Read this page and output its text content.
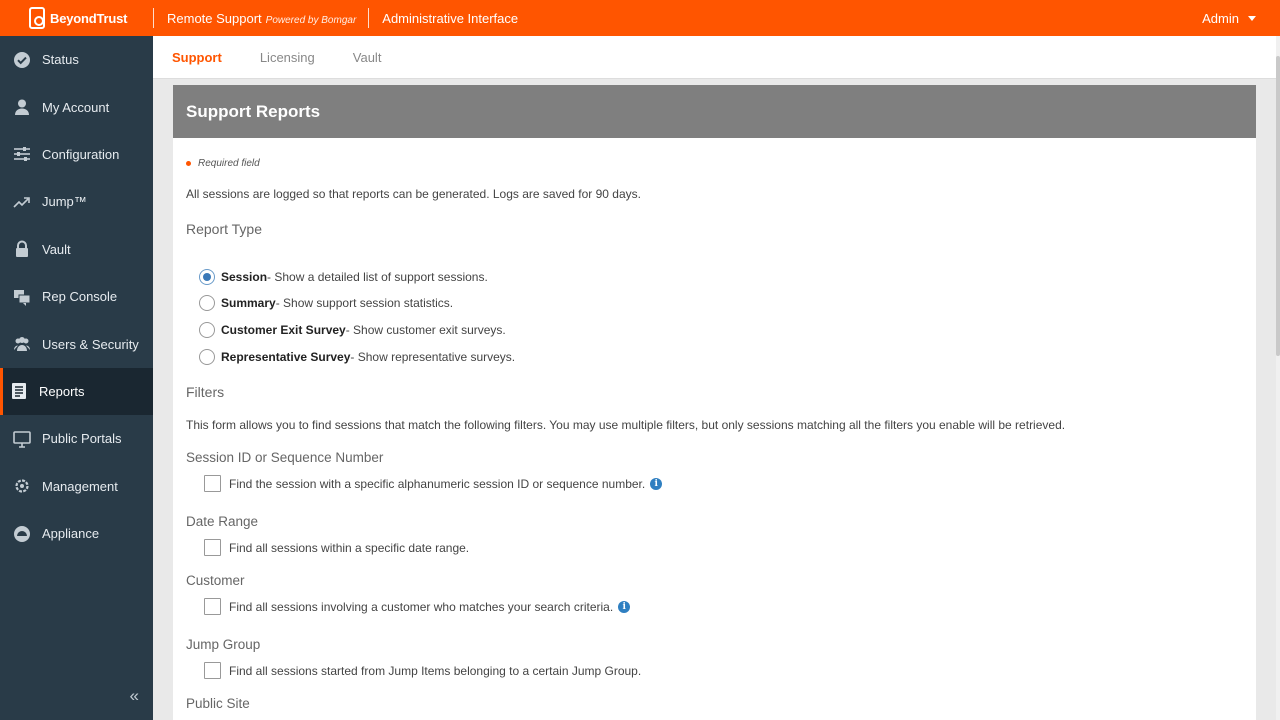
BeyondTrust	Remote Support Powered by Bomgar	Administrative Interface	Admin
Status
My Account
Configuration
Jump™
Vault
Rep Console
Users & Security
Reports
Public Portals
Management
Appliance
«
Support	Licensing	Vault
Support Reports
Required field
All sessions are logged so that reports can be generated. Logs are saved for 90 days.
Report Type
Session - Show a detailed list of support sessions.
Summary - Show support session statistics.
Customer Exit Survey - Show customer exit surveys.
Representative Survey - Show representative surveys.
Filters
This form allows you to find sessions that match the following filters. You may use multiple filters, but only sessions matching all the filters you enable will be retrieved.
Session ID or Sequence Number
Find the session with a specific alphanumeric session ID or sequence number.	i
Date Range
Find all sessions within a specific date range.
Customer
Find all sessions involving a customer who matches your search criteria.	i
Jump Group
Find all sessions started from Jump Items belonging to a certain Jump Group.
Public Site
